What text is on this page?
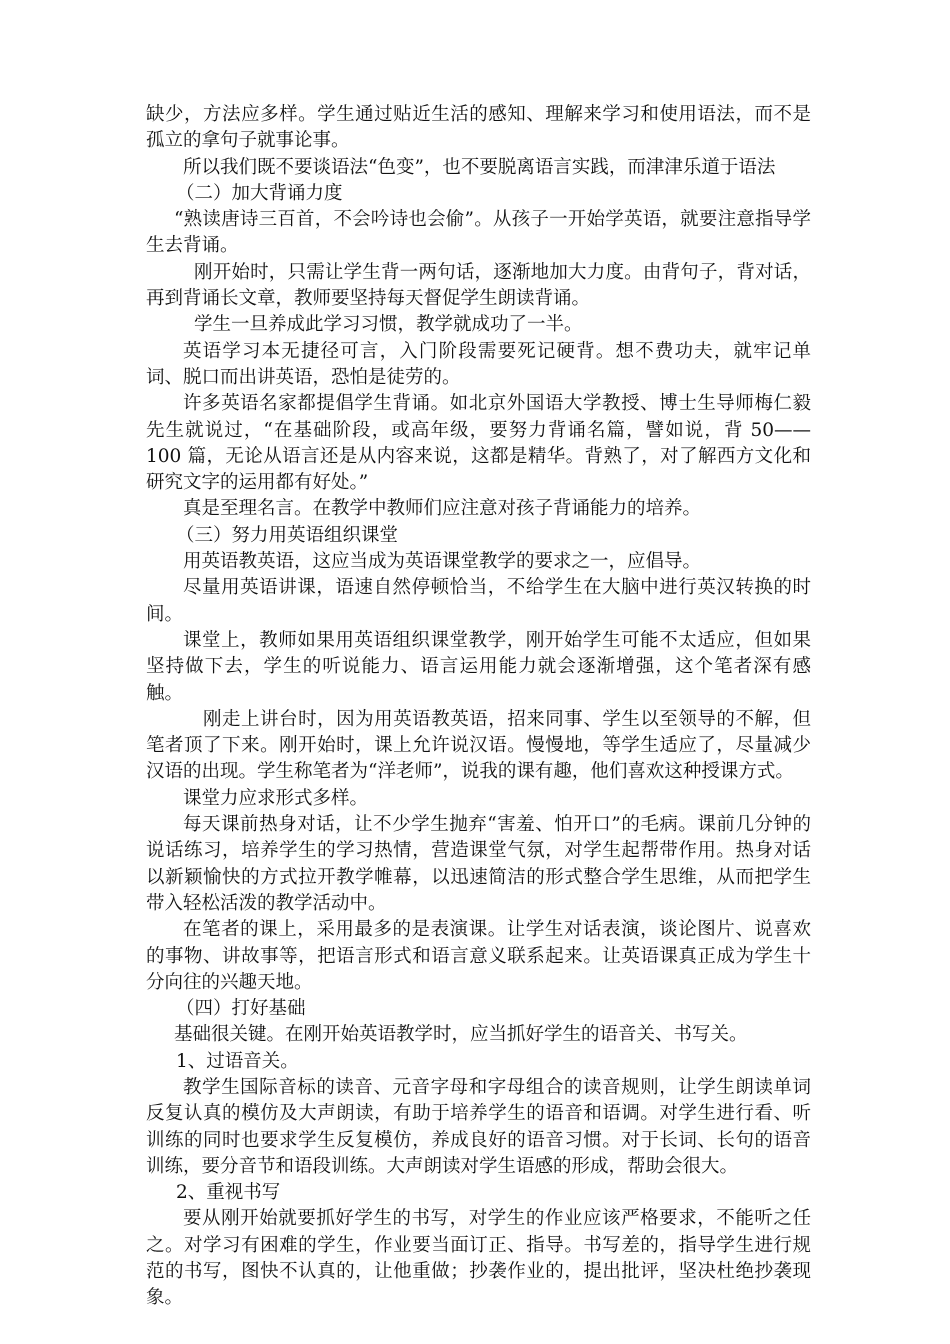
缺少，方法应多样。学生通过贴近生活的感知、理解来学习和使用语法，而不是孤立的拿句子就事论事。

所以我们既不要谈语法“色变”，也不要脱离语言实践，而津津乐道于语法

（二）加大背诵力度

“熟读唐诗三百首，不会吟诗也会偷”。从孩子一开始学英语，就要注意指导学生去背诵。

刚开始时，只需让学生背一两句话，逐渐地加大力度。由背句子，背对话，再到背诵长文章，教师要坚持每天督促学生朗读背诵。

学生一旦养成此学习习惯，教学就成功了一半。

英语学习本无捷径可言，入门阶段需要死记硬背。想不费功夫，就牢记单词、脱口而出讲英语，恐怕是徒劳的。

许多英语名家都提倡学生背诵。如北京外国语大学教授、博士生导师梅仁毅先生就说过，“在基础阶段，或高年级，要努力背诵名篇，譬如说，背 50——100 篇，无论从语言还是从内容来说，这都是精华。背熟了，对了解西方文化和研究文字的运用都有好处。”

真是至理名言。在教学中教师们应注意对孩子背诵能力的培养。

（三）努力用英语组织课堂

用英语教英语，这应当成为英语课堂教学的要求之一，应倡导。

尽量用英语讲课，语速自然停顿恰当，不给学生在大脑中进行英汉转换的时间。

课堂上，教师如果用英语组织课堂教学，刚开始学生可能不太适应，但如果坚持做下去，学生的听说能力、语言运用能力就会逐渐增强，这个笔者深有感触。

刚走上讲台时，因为用英语教英语，招来同事、学生以至领导的不解，但笔者顶了下来。刚开始时，课上允许说汉语。慢慢地，等学生适应了，尽量减少汉语的出现。学生称笔者为“洋老师”，说我的课有趣，他们喜欢这种授课方式。

课堂力应求形式多样。

每天课前热身对话，让不少学生抛弃“害羞、怕开口”的毛病。课前几分钟的说话练习，培养学生的学习热情，营造课堂气氛，对学生起帮带作用。热身对话以新颖愉快的方式拉开教学帷幕，以迅速简洁的形式整合学生思维，从而把学生带入轻松活泼的教学活动中。

在笔者的课上，采用最多的是表演课。让学生对话表演，谈论图片、说喜欢的事物、讲故事等，把语言形式和语言意义联系起来。让英语课真正成为学生十分向往的兴趣天地。

（四）打好基础

基础很关键。在刚开始英语教学时，应当抓好学生的语音关、书写关。

1、过语音关。

教学生国际音标的读音、元音字母和字母组合的读音规则，让学生朗读单词反复认真的模仿及大声朗读，有助于培养学生的语音和语调。对学生进行看、听训练的同时也要求学生反复模仿，养成良好的语音习惯。对于长词、长句的语音训练，要分音节和语段训练。大声朗读对学生语感的形成，帮助会很大。

2、重视书写

要从刚开始就要抓好学生的书写，对学生的作业应该严格要求，不能听之任之。对学习有困难的学生，作业要当面订正、指导。书写差的，指导学生进行规范的书写，图快不认真的，让他重做；抄袭作业的，提出批评，坚决杜绝抄袭现象。
